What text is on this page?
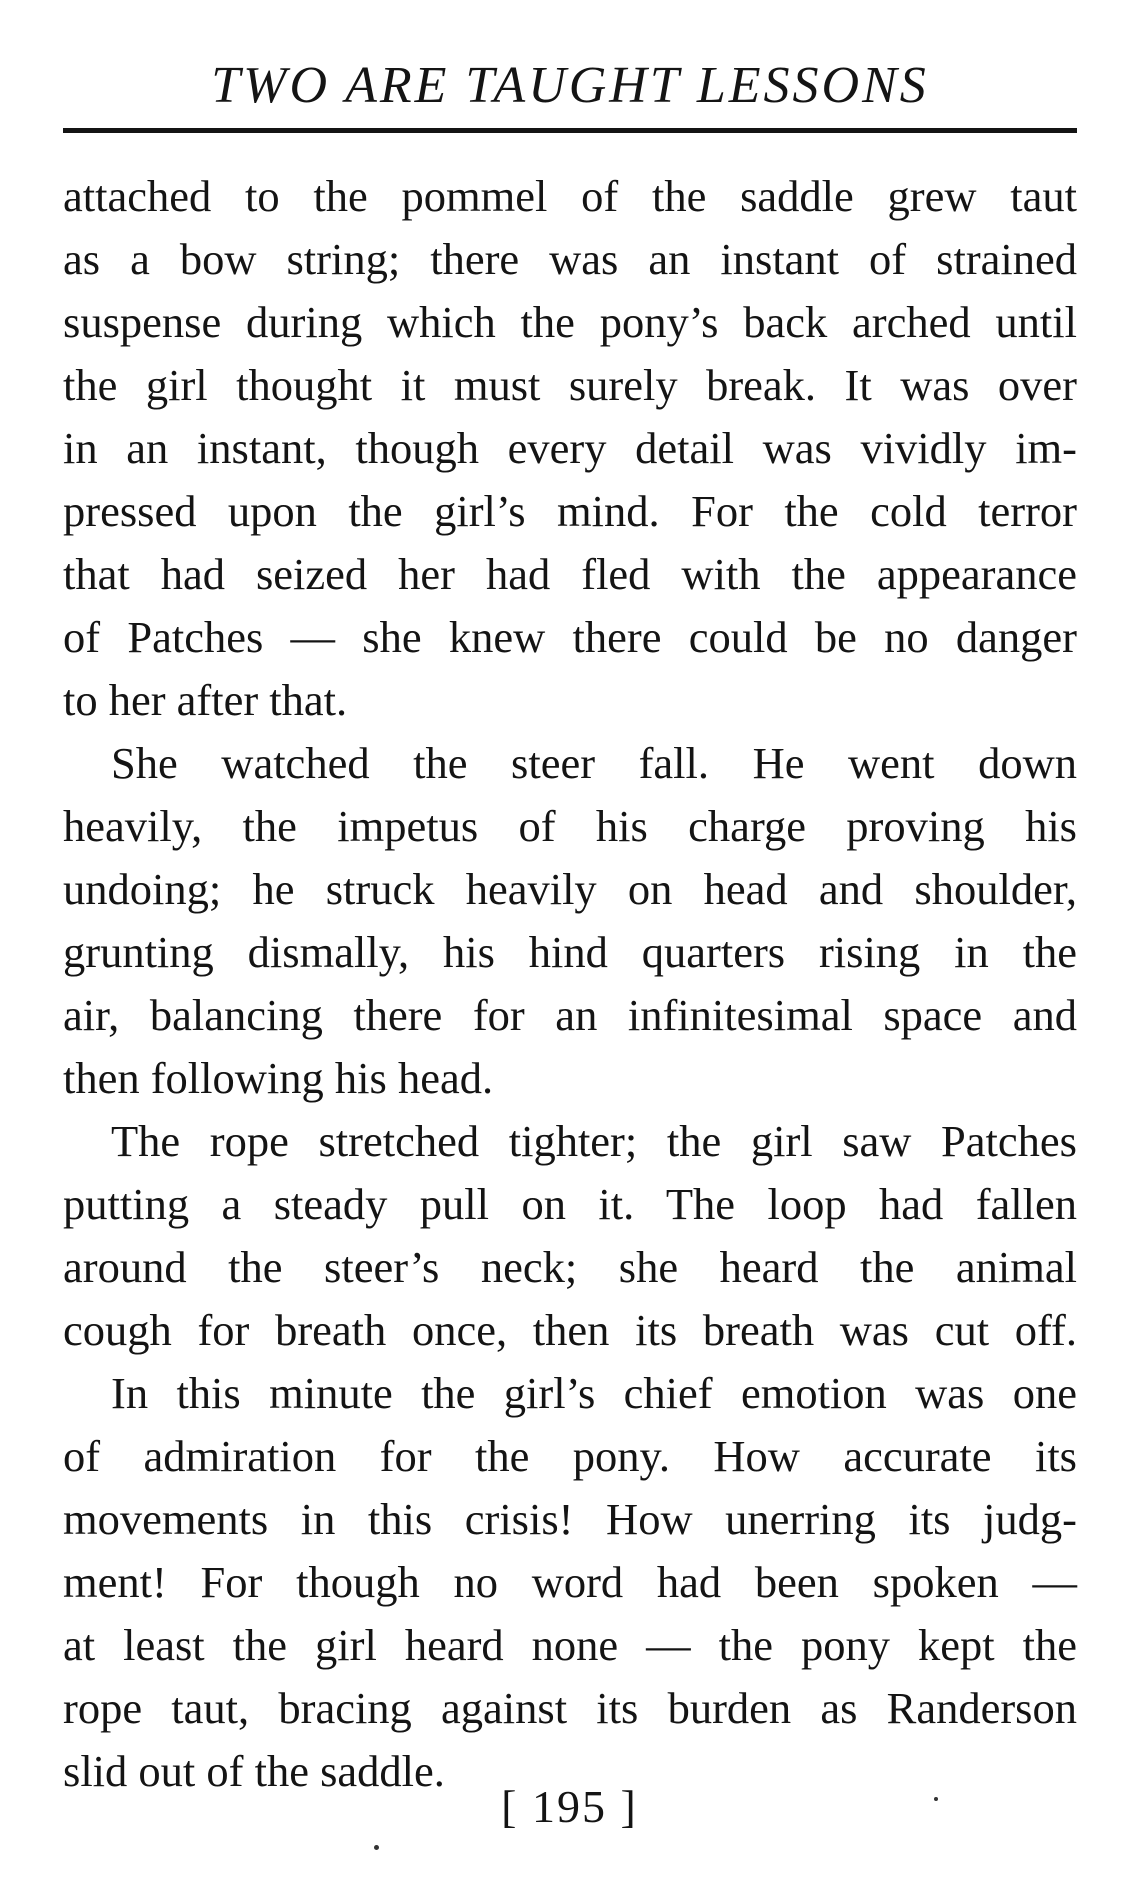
TWO ARE TAUGHT LESSONS
attached to the pommel of the saddle grew taut
as a bow string; there was an instant of strained
suspense during which the pony’s back arched until
the girl thought it must surely break. It was over
in an instant, though every detail was vividly im-
pressed upon the girl’s mind. For the cold terror
that had seized her had fled with the appearance
of Patches — she knew there could be no danger
to her after that.
She watched the steer fall. He went down
heavily, the impetus of his charge proving his
undoing; he struck heavily on head and shoulder,
grunting dismally, his hind quarters rising in the
air, balancing there for an infinitesimal space and
then following his head.
The rope stretched tighter; the girl saw Patches
putting a steady pull on it. The loop had fallen
around the steer’s neck; she heard the animal
cough for breath once, then its breath was cut off.
In this minute the girl’s chief emotion was one
of admiration for the pony. How accurate its
movements in this crisis! How unerring its judg-
ment! For though no word had been spoken —
at least the girl heard none — the pony kept the
rope taut, bracing against its burden as Randerson
slid out of the saddle.
[ 195 ]
